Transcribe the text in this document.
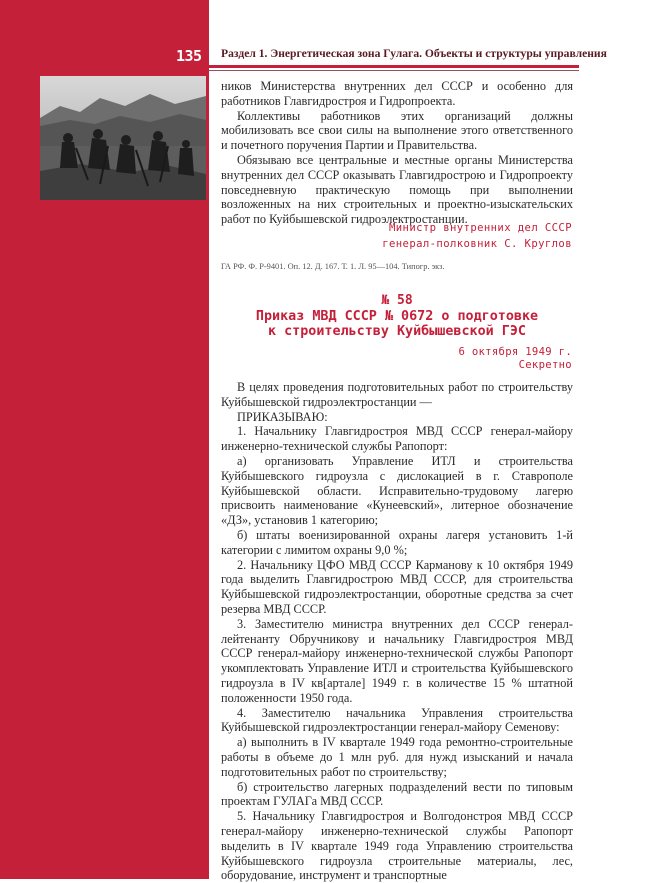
135 Раздел 1. Энергетическая зона Гулага. Объекты и структуры управления

ников Министерства внутренних дел СССР и особенно для работников Главгидростроя и Гидропроекта.

Коллективы работников этих организаций должны мобилизовать все свои силы на выполнение этого ответственного и почетного поручения Партии и Правительства.

Обязываю все центральные и местные органы Министерства внутренних дел СССР оказывать Главгидрострою и Гидропроекту повседневную практическую помощь при выполнении возложенных на них строительных и проектно-изыскательских работ по Куйбышевской гидроэлектростанции.

Министр внутренних дел СССР
генерал-полковник С. Круглов
ГА РФ. Ф. Р-9401. Оп. 12. Д. 167. Т. 1. Л. 95—104. Типогр. экз.
№ 58
Приказ МВД СССР № 0672 о подготовке
к строительству Куйбышевской ГЭС
6 октября 1949 г.
Секретно

В целях проведения подготовительных работ по строительству Куйбышевской гидроэлектростанции —

ПРИКАЗЫВАЮ:

1. Начальнику Главгидростроя МВД СССР генерал-майору инженерно-технической службы Рапопорт:

а) организовать Управление ИТЛ и строительства Куйбышевского гидроузла с дислокацией в г. Ставрополе Куйбышевской области. Исправительно-трудовому лагерю присвоить наименование «Кунеевский», литерное обозначение «ДЗ», установив 1 категорию;

б) штаты военизированной охраны лагеря установить 1-й категории с лимитом охраны 9,0 %;

2. Начальнику ЦФО МВД СССР Карманову к 10 октября 1949 года выделить Главгидрострою МВД СССР, для строительства Куйбышевской гидроэлектростанции, оборотные средства за счет резерва МВД СССР.

3. Заместителю министра внутренних дел СССР генерал-лейтенанту Обручникову и начальнику Главгидростроя МВД СССР генерал-майору инженерно-технической службы Рапопорт укомплектовать Управление ИТЛ и строительства Куйбышевского гидроузла в IV кв[артале] 1949 г. в количестве 15 % штатной положенности 1950 года.

4. Заместителю начальника Управления строительства Куйбышевской гидроэлектростанции генерал-майору Семенову:

а) выполнить в IV квартале 1949 года ремонтно-строительные работы в объеме до 1 млн руб. для нужд изысканий и начала подготовительных работ по строительству;

б) строительство лагерных подразделений вести по типовым проектам ГУЛАГа МВД СССР.

5. Начальнику Главгидростроя и Волгодонстроя МВД СССР генерал-майору инженерно-технической службы Рапопорт выделить в IV квартале 1949 года Управлению строительства Куйбышевского гидроузла строительные материалы, лес, оборудование, инструмент и транспортные
